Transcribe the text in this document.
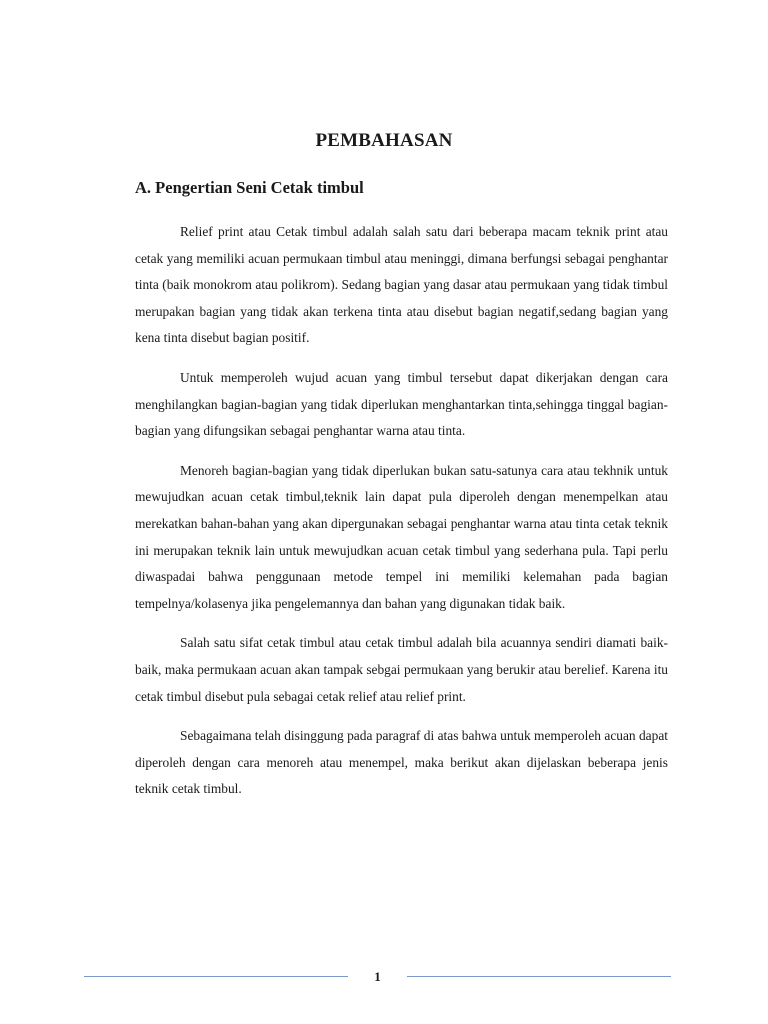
PEMBAHASAN
A. Pengertian Seni Cetak timbul

Relief print atau Cetak timbul adalah salah satu dari beberapa macam teknik print atau cetak yang memiliki acuan permukaan timbul atau meninggi, dimana berfungsi sebagai penghantar tinta (baik monokrom atau polikrom). Sedang bagian yang dasar atau permukaan yang tidak timbul merupakan bagian yang tidak akan terkena tinta atau disebut bagian negatif,sedang bagian yang kena tinta disebut bagian positif.

Untuk memperoleh wujud acuan yang timbul tersebut dapat dikerjakan dengan cara menghilangkan bagian-bagian yang tidak diperlukan menghantarkan tinta,sehingga tinggal bagian-bagian yang difungsikan sebagai penghantar warna atau tinta.

Menoreh bagian-bagian yang tidak diperlukan bukan satu-satunya cara atau tekhnik untuk mewujudkan acuan cetak timbul,teknik lain dapat pula diperoleh dengan menempelkan atau merekatkan bahan-bahan yang akan dipergunakan sebagai penghantar warna atau tinta cetak teknik ini merupakan teknik lain untuk mewujudkan acuan cetak timbul yang sederhana pula. Tapi perlu diwaspadai bahwa penggunaan metode tempel ini memiliki kelemahan pada bagian tempelnya/kolasenya jika pengelemannya dan bahan yang digunakan tidak baik.

Salah satu sifat cetak timbul atau cetak timbul adalah bila acuannya sendiri diamati baik-baik, maka permukaan acuan akan tampak sebgai permukaan yang berukir atau berelief. Karena itu cetak timbul disebut pula sebagai cetak relief atau relief print.

Sebagaimana telah disinggung pada paragraf di atas bahwa untuk memperoleh acuan dapat diperoleh dengan cara menoreh atau menempel, maka berikut akan dijelaskan beberapa jenis teknik cetak timbul.

1
